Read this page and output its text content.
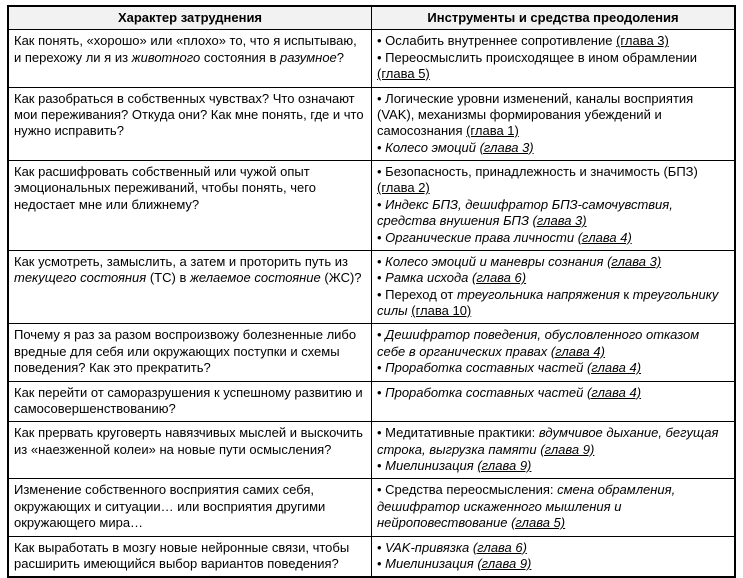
Характер затруднения	Инструменты и средства преодоления
Как понять, «хорошо» или «плохо» то, что я испытываю, и перехожу ли я из животного состояния в разумное?	• Ослабить внутреннее сопротивление (глава 3)
• Переосмыслить происходящее в ином обрамлении (глава 5)

Как разобраться в собственных чувствах? Что означают мои переживания? Откуда они? Как мне понять, где и что нужно исправить?	• Логические уровни изменений, каналы восприятия (VAK), механизмы формирования убеждений и самосознания (глава 1)
• Колесо эмоций (глава 3)

Как расшифровать собственный или чужой опыт эмоциональных переживаний, чтобы понять, чего недостает мне или ближнему?	• Безопасность, принадлежность и значимость (БПЗ) (глава 2)
• Индекс БПЗ, дешифратор БПЗ-самочувствия, средства внушения БПЗ (глава 3)
• Органические права личности (глава 4)

Как усмотреть, замыслить, а затем и проторить путь из текущего состояния (ТС) в желаемое состояние (ЖС)?	• Колесо эмоций и маневры сознания (глава 3)
• Рамка исхода (глава 6)
• Переход от треугольника напряжения к треугольнику силы (глава 10)

Почему я раз за разом воспроизвожу болезненные либо вредные для себя или окружающих поступки и схемы поведения? Как это прекратить?	• Дешифратор поведения, обусловленного отказом себе в органических правах (глава 4)
• Проработка составных частей (глава 4)

Как перейти от саморазрушения к успешному развитию и самосовершенствованию?	• Проработка составных частей (глава 4)

Как прервать круговерть навязчивых мыслей и выскочить из «наезженной колеи» на новые пути осмысления?	• Медитативные практики: вдумчивое дыхание, бегущая строка, выгрузка памяти (глава 9)
• Миелинизация (глава 9)

Изменение собственного восприятия самих себя, окружающих и ситуации… или восприятия другими окружающего мира…	• Средства переосмысления: смена обрамления, дешифратор искаженного мышления и нейроповествование (глава 5)

Как выработать в мозгу новые нейронные связи, чтобы расширить имеющийся выбор вариантов поведения?	• VAK-привязка (глава 6)
• Миелинизация (глава 9)
